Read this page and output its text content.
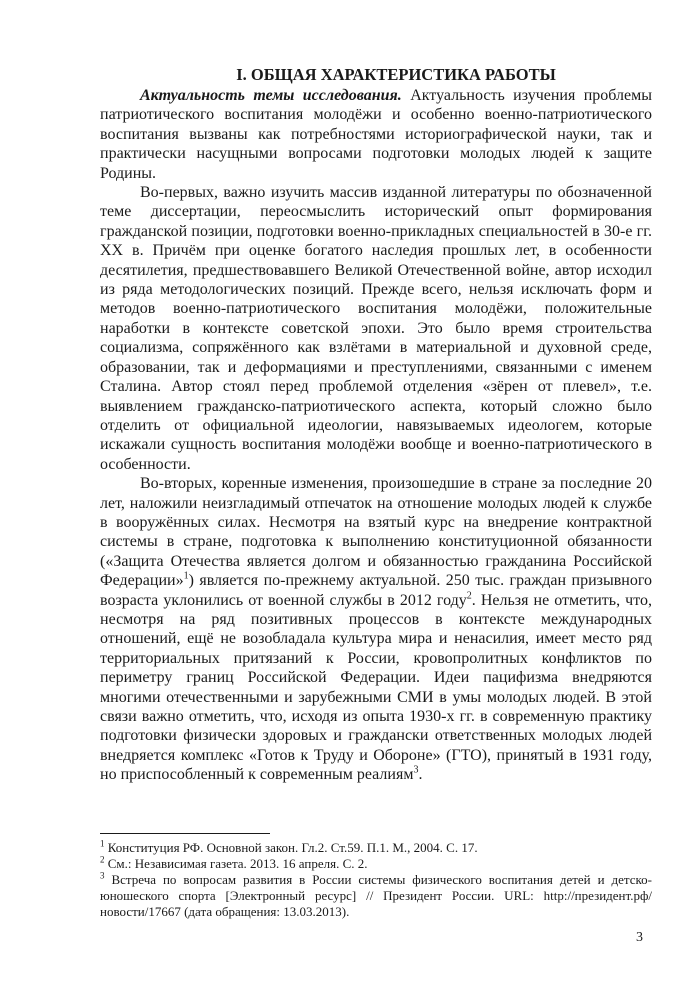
I. ОБЩАЯ ХАРАКТЕРИСТИКА РАБОТЫ

Актуальность темы исследования. Актуальность изучения проблемы патриотического воспитания молодёжи и особенно военно-патриотического воспитания вызваны как потребностями историографической науки, так и практически насущными вопросами подготовки молодых людей к защите Родины.

Во-первых, важно изучить массив изданной литературы по обозначенной теме диссертации, переосмыслить исторический опыт формирования гражданской позиции, подготовки военно-прикладных специальностей в 30-е гг. XX в. Причём при оценке богатого наследия прошлых лет, в особенности десятилетия, предшествовавшего Великой Отечественной войне, автор исходил из ряда методологических позиций. Прежде всего, нельзя исключать форм и методов военно-патриотического воспитания молодёжи, положительные наработки в контексте советской эпохи. Это было время строительства социализма, сопряжённого как взлётами в материальной и духовной среде, образовании, так и деформациями и преступлениями, связанными с именем Сталина. Автор стоял перед проблемой отделения «зёрен от плевел», т.е. выявлением гражданско-патриотического аспекта, который сложно было отделить от официальной идеологии, навязываемых идеологем, которые искажали сущность воспитания молодёжи вообще и военно-патриотического в особенности.

Во-вторых, коренные изменения, произошедшие в стране за последние 20 лет, наложили неизгладимый отпечаток на отношение молодых людей к службе в вооружённых силах. Несмотря на взятый курс на внедрение контрактной системы в стране, подготовка к выполнению конституционной обязанности («Защита Отечества является долгом и обязанностью гражданина Российской Федерации»$^1$) является по-прежнему актуальной. 250 тыс. граждан призывного возраста уклонились от военной службы в 2012 году$^2$. Нельзя не отметить, что, несмотря на ряд позитивных процессов в контексте международных отношений, ещё не возобладала культура мира и ненасилия, имеет место ряд территориальных притязаний к России, кровопролитных конфликтов по периметру границ Российской Федерации. Идеи пацифизма внедряются многими отечественными и зарубежными СМИ в умы молодых людей. В этой связи важно отметить, что, исходя из опыта 1930-х гг. в современную практику подготовки физически здоровых и граждански ответственных молодых людей внедряется комплекс «Готов к Труду и Обороне» (ГТО), принятый в 1931 году, но приспособленный к современным реалиям$^3$.

$^1$ Конституция РФ. Основной закон. Гл.2. Ст.59. П.1. М., 2004. С. 17.

$^2$ См.: Независимая газета. 2013. 16 апреля. С. 2.

$^3$ Встреча по вопросам развития в России системы физического воспитания детей и детско-юношеского спорта [Электронный ресурс] // Президент России. URL: http://президент.рф/новости/17667 (дата обращения: 13.03.2013).

3
